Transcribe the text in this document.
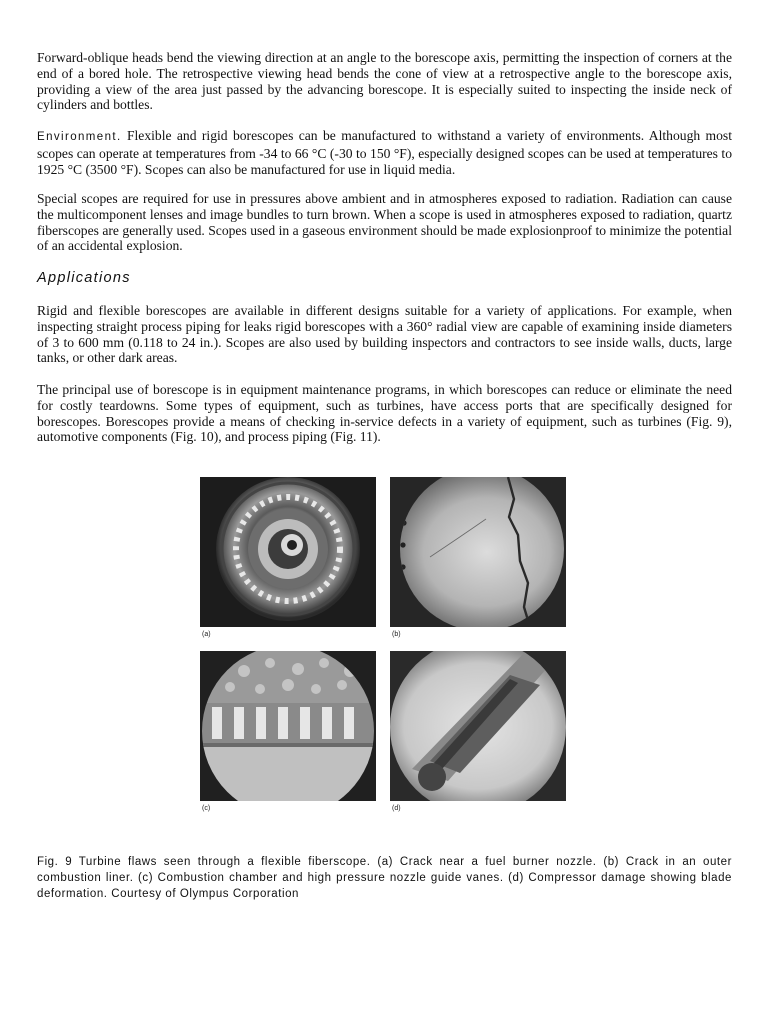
Forward-oblique heads bend the viewing direction at an angle to the borescope axis, permitting the inspection of corners at the end of a bored hole. The retrospective viewing head bends the cone of view at a retrospective angle to the borescope axis, providing a view of the area just passed by the advancing borescope. It is especially suited to inspecting the inside neck of cylinders and bottles.

Environment. Flexible and rigid borescopes can be manufactured to withstand a variety of environments. Although most scopes can operate at temperatures from -34 to 66 °C (-30 to 150 °F), especially designed scopes can be used at temperatures to 1925 °C (3500 °F). Scopes can also be manufactured for use in liquid media.

Special scopes are required for use in pressures above ambient and in atmospheres exposed to radiation. Radiation can cause the multicomponent lenses and image bundles to turn brown. When a scope is used in atmospheres exposed to radiation, quartz fiberscopes are generally used. Scopes used in a gaseous environment should be made explosionproof to minimize the potential of an accidental explosion.

Applications

Rigid and flexible borescopes are available in different designs suitable for a variety of applications. For example, when inspecting straight process piping for leaks rigid borescopes with a 360° radial view are capable of examining inside diameters of 3 to 600 mm (0.118 to 24 in.). Scopes are also used by building inspectors and contractors to see inside walls, ducts, large tanks, or other dark areas.

The principal use of borescope is in equipment maintenance programs, in which borescopes can reduce or eliminate the need for costly teardowns. Some types of equipment, such as turbines, have access ports that are specifically designed for borescopes. Borescopes provide a means of checking in-service defects in a variety of equipment, such as turbines (Fig. 9), automotive components (Fig. 10), and process piping (Fig. 11).

(a)	(b)
(c)	(d)

Fig. 9 Turbine flaws seen through a flexible fiberscope. (a) Crack near a fuel burner nozzle. (b) Crack in an outer combustion liner. (c) Combustion chamber and high pressure nozzle guide vanes. (d) Compressor damage showing blade deformation. Courtesy of Olympus Corporation
